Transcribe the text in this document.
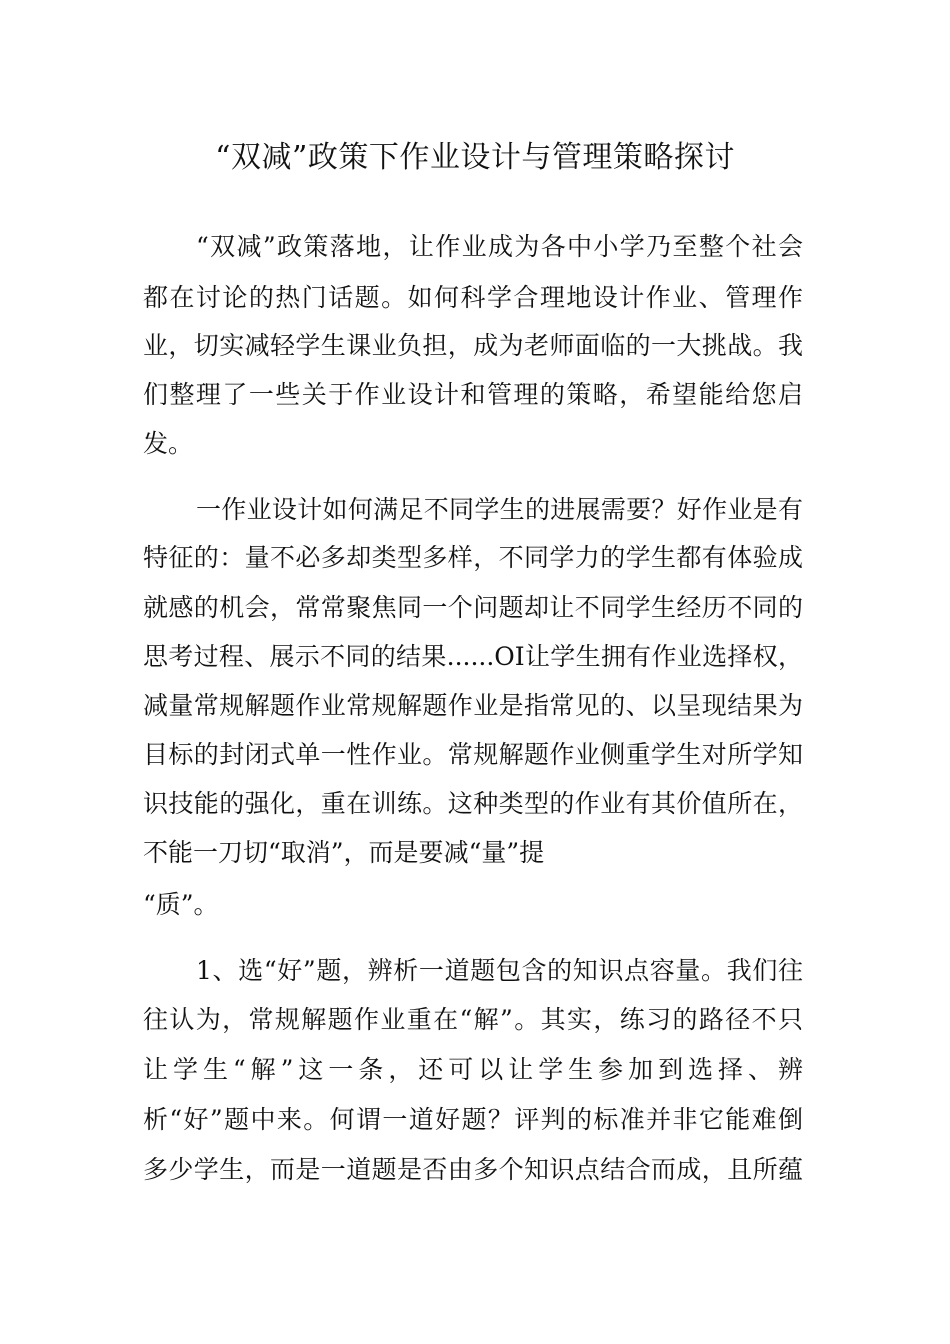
“双减”政策下作业设计与管理策略探讨
“双减”政策落地，让作业成为各中小学乃至整个社会
都在讨论的热门话题。如何科学合理地设计作业、管理作
业，切实减轻学生课业负担，成为老师面临的一大挑战。我
们整理了一些关于作业设计和管理的策略，希望能给您启
发。
一作业设计如何满足不同学生的进展需要？好作业是有
特征的：量不必多却类型多样，不同学力的学生都有体验成
就感的机会，常常聚焦同一个问题却让不同学生经历不同的
思考过程、展示不同的结果......OI让学生拥有作业选择权，
减量常规解题作业常规解题作业是指常见的、以呈现结果为
目标的封闭式单一性作业。常规解题作业侧重学生对所学知
识技能的强化，重在训练。这种类型的作业有其价值所在，
不能一刀切“取消”，而是要减“量”提
“质”。
1、选“好”题，辨析一道题包含的知识点容量。我们往
往认为，常规解题作业重在“解”。其实，练习的路径不只
让学生“解”这一条，还可以让学生参加到选择、辨
析“好”题中来。何谓一道好题？评判的标准并非它能难倒
多少学生，而是一道题是否由多个知识点结合而成，且所蕴
